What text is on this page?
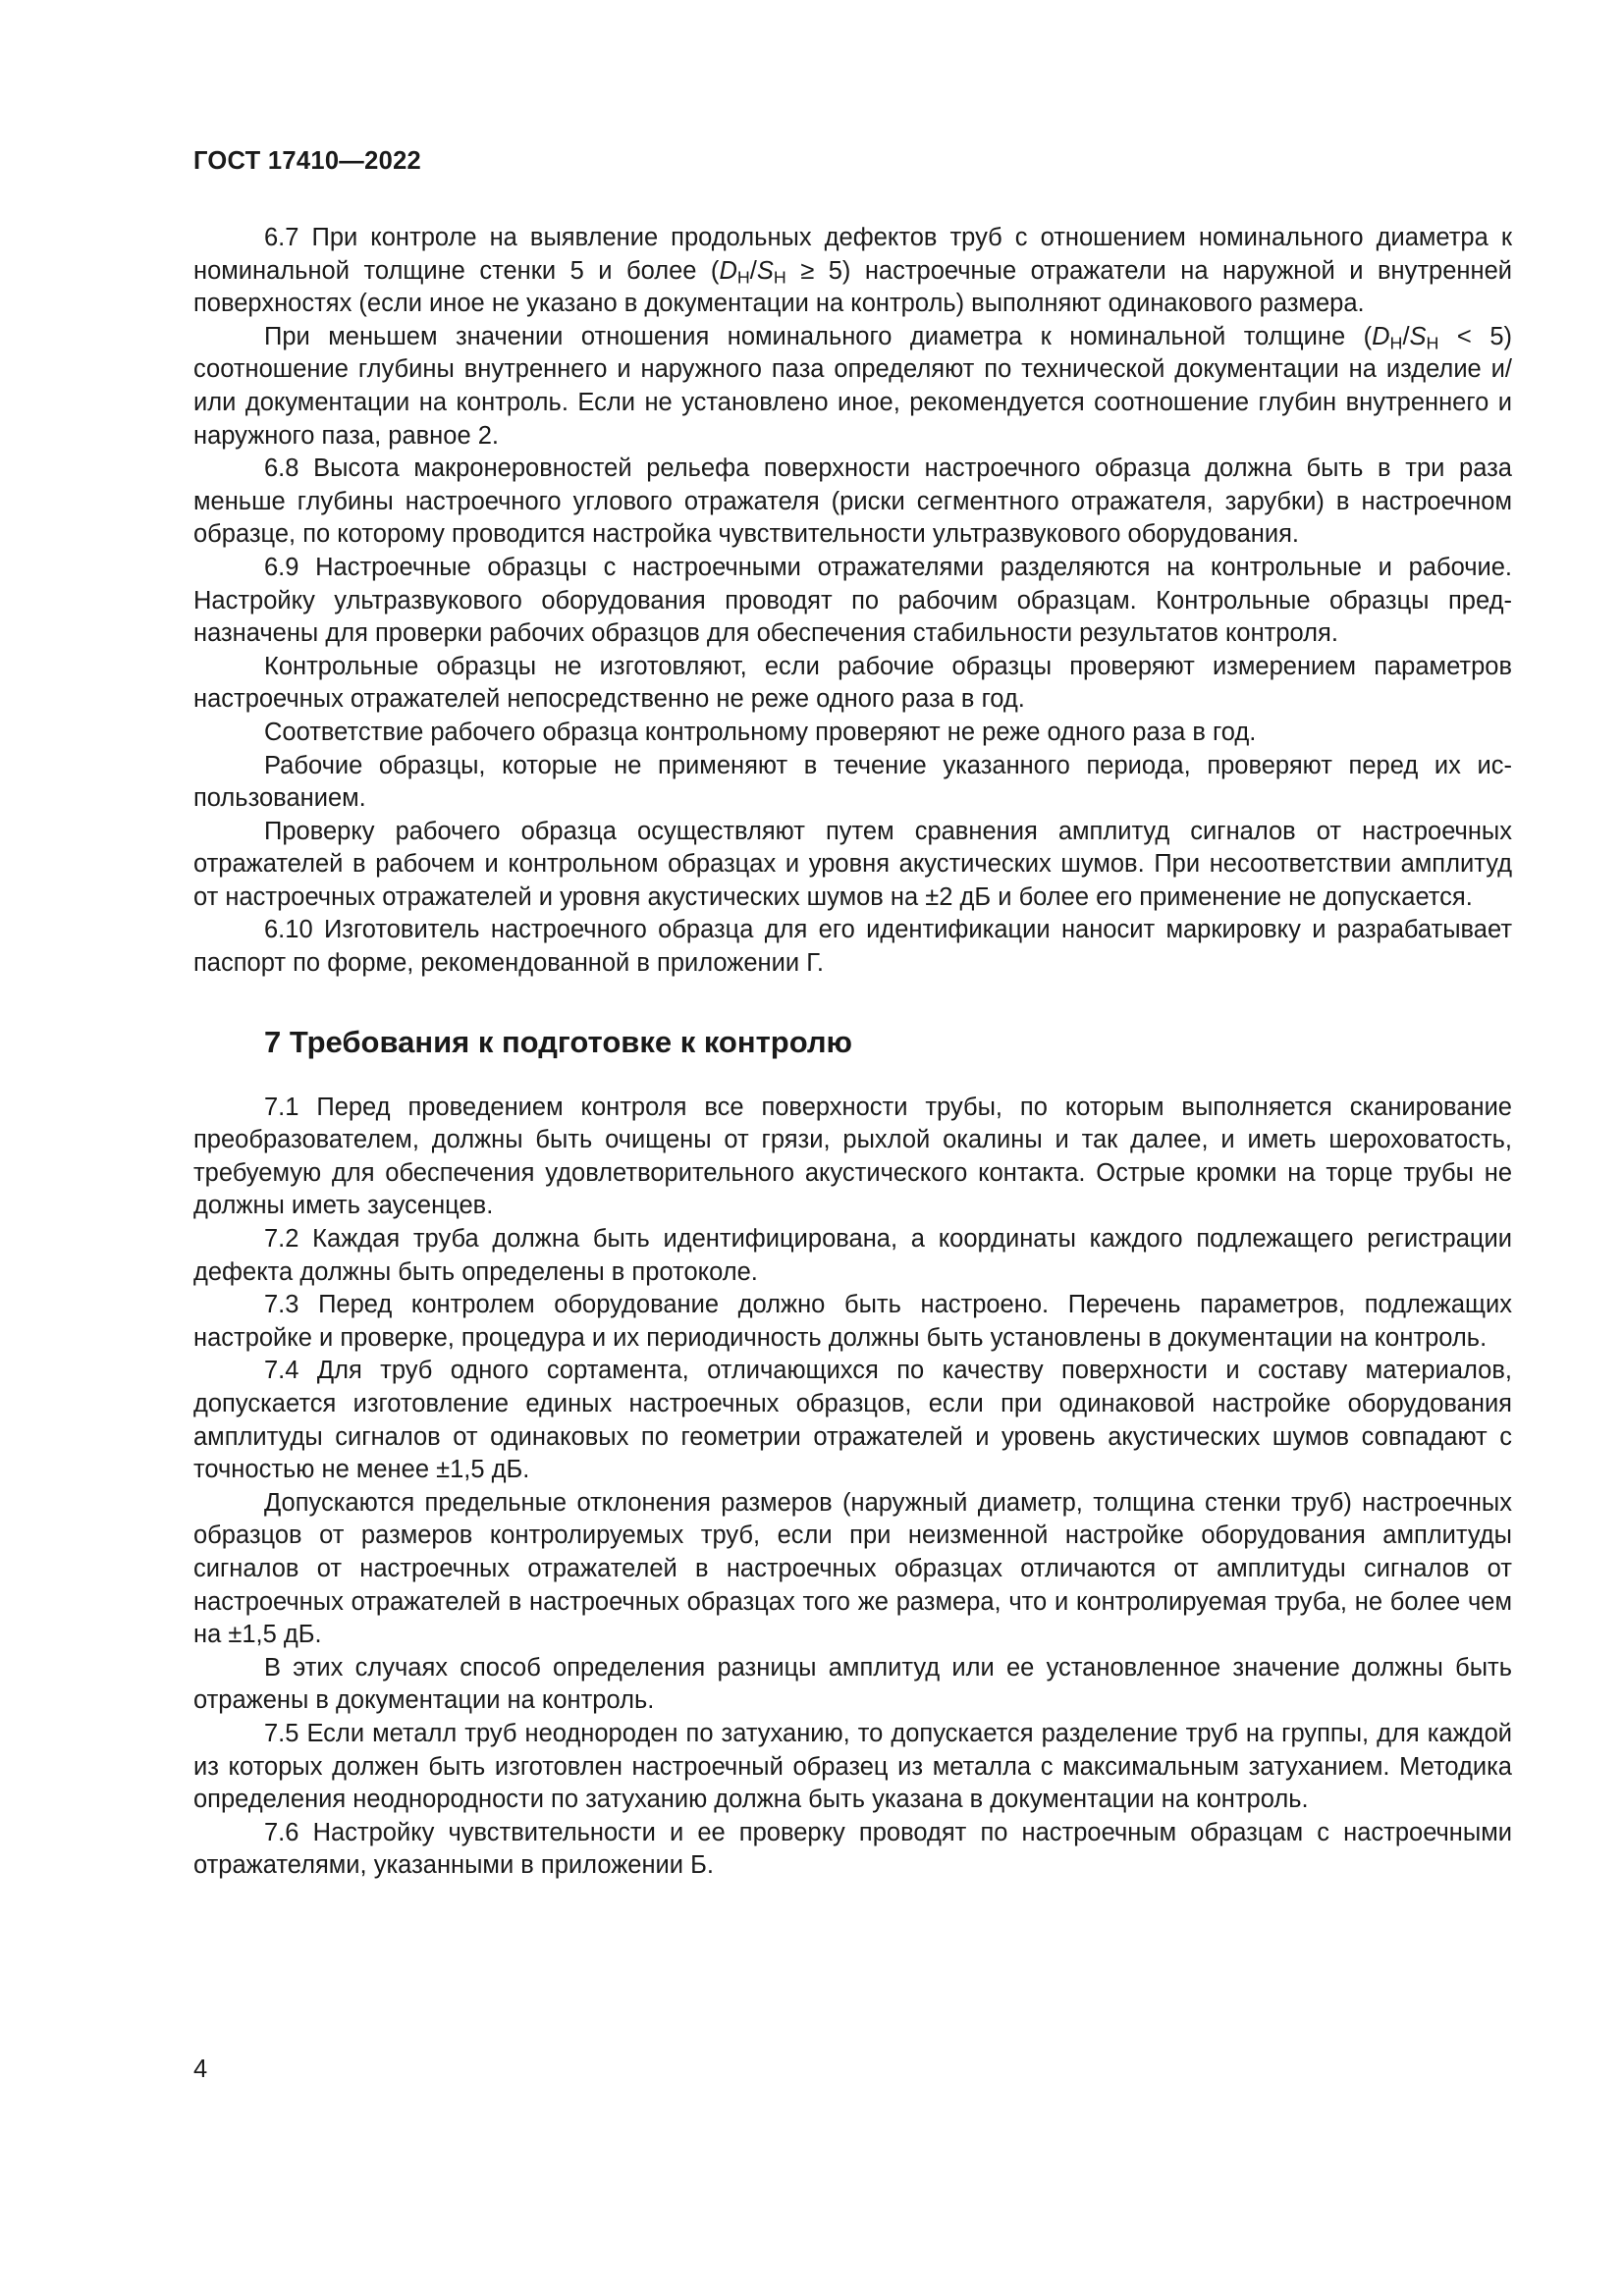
ГОСТ 17410—2022

6.7 При контроле на выявление продольных дефектов труб с отношением номинального диаметра к номинальной толщине стенки 5 и более $(D_Н/S_Н \ge 5)$ настроечные отражатели на наружной и внутренней поверхностях (если иное не указано в документации на контроль) выполняют одинакового размера.

При меньшем значении отношения номинального диаметра к номинальной толщине $(D_Н/S_Н < 5)$ соотношение глубины внутреннего и наружного паза определяют по технической документации на изделие и/или документации на контроль. Если не установлено иное, рекомендуется соотношение глубин внутреннего и наружного паза, равное 2.

6.8 Высота макронеровностей рельефа поверхности настроечного образца должна быть в три раза меньше глубины настроечного углового отражателя (риски сегментного отражателя, зарубки) в настроечном образце, по которому проводится настройка чувствительности ультразвукового оборудования.

6.9 Настроечные образцы с настроечными отражателями разделяются на контрольные и рабочие. Настройку ультразвукового оборудования проводят по рабочим образцам. Контрольные образцы предназначены для проверки рабочих образцов для обеспечения стабильности результатов контроля.

Контрольные образцы не изготовляют, если рабочие образцы проверяют измерением параметров настроечных отражателей непосредственно не реже одного раза в год.

Соответствие рабочего образца контрольному проверяют не реже одного раза в год.

Рабочие образцы, которые не применяют в течение указанного периода, проверяют перед их использованием.

Проверку рабочего образца осуществляют путем сравнения амплитуд сигналов от настроечных отражателей в рабочем и контрольном образцах и уровня акустических шумов. При несоответствии амплитуд от настроечных отражателей и уровня акустических шумов на ±2 дБ и более его применение не допускается.

6.10 Изготовитель настроечного образца для его идентификации наносит маркировку и разрабатывает паспорт по форме, рекомендованной в приложении Г.

7 Требования к подготовке к контролю

7.1 Перед проведением контроля все поверхности трубы, по которым выполняется сканирование преобразователем, должны быть очищены от грязи, рыхлой окалины и так далее, и иметь шероховатость, требуемую для обеспечения удовлетворительного акустического контакта. Острые кромки на торце трубы не должны иметь заусенцев.

7.2 Каждая труба должна быть идентифицирована, а координаты каждого подлежащего регистрации дефекта должны быть определены в протоколе.

7.3 Перед контролем оборудование должно быть настроено. Перечень параметров, подлежащих настройке и проверке, процедура и их периодичность должны быть установлены в документации на контроль.

7.4 Для труб одного сортамента, отличающихся по качеству поверхности и составу материалов, допускается изготовление единых настроечных образцов, если при одинаковой настройке оборудования амплитуды сигналов от одинаковых по геометрии отражателей и уровень акустических шумов совпадают с точностью не менее ±1,5 дБ.

Допускаются предельные отклонения размеров (наружный диаметр, толщина стенки труб) настроечных образцов от размеров контролируемых труб, если при неизменной настройке оборудования амплитуды сигналов от настроечных отражателей в настроечных образцах отличаются от амплитуды сигналов от настроечных отражателей в настроечных образцах того же размера, что и контролируемая труба, не более чем на ±1,5 дБ.

В этих случаях способ определения разницы амплитуд или ее установленное значение должны быть отражены в документации на контроль.

7.5 Если металл труб неоднороден по затуханию, то допускается разделение труб на группы, для каждой из которых должен быть изготовлен настроечный образец из металла с максимальным затуханием. Методика определения неоднородности по затуханию должна быть указана в документации на контроль.

7.6 Настройку чувствительности и ее проверку проводят по настроечным образцам с настроечными отражателями, указанными в приложении Б.

4
